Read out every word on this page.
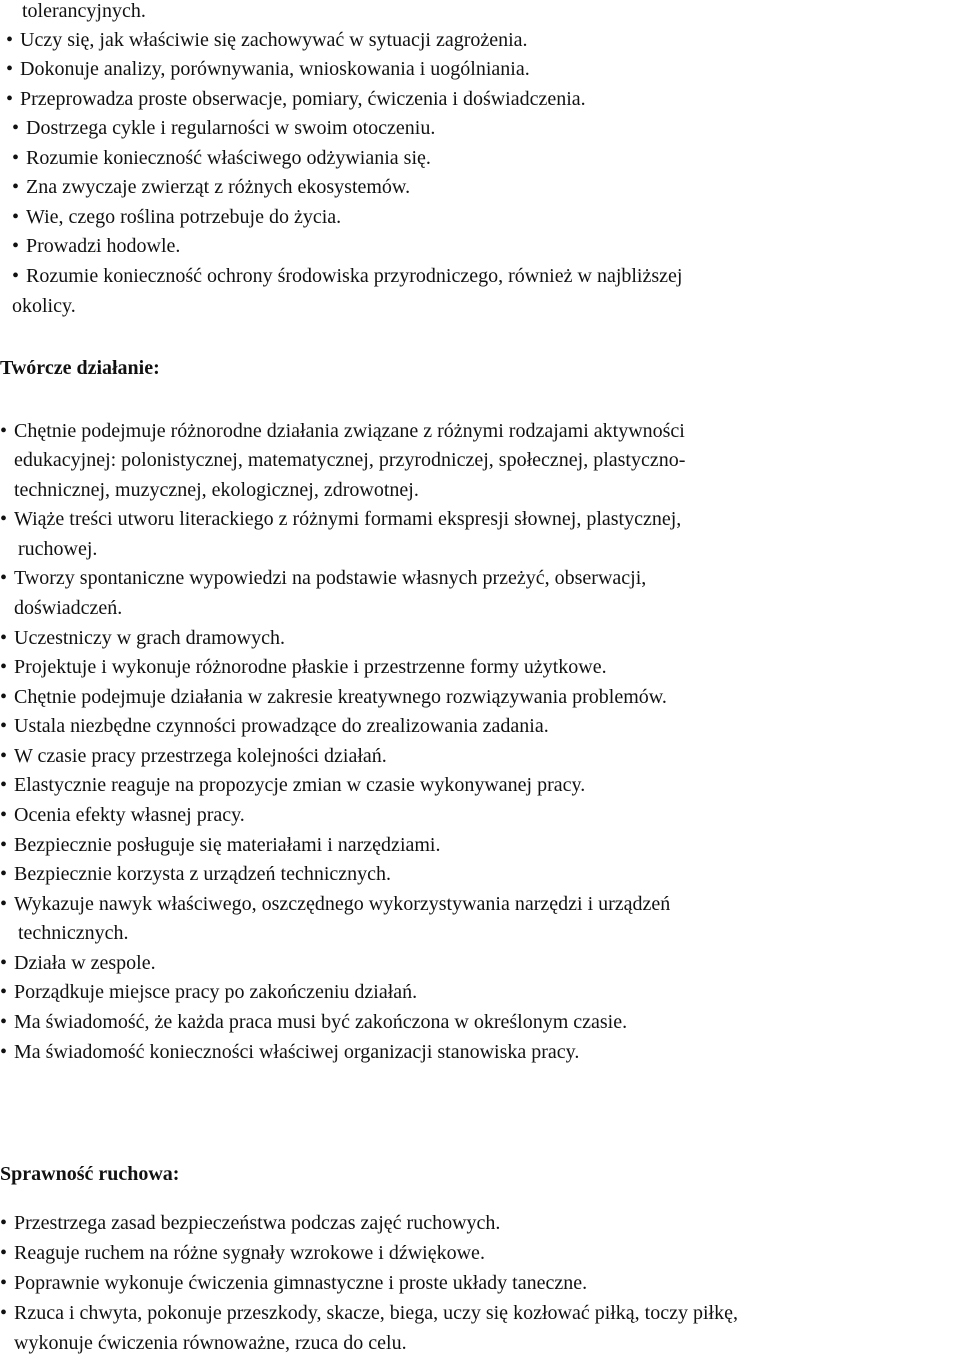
tolerancyjnych.
• Uczy się, jak właściwie się zachowywać w sytuacji zagrożenia.
• Dokonuje analizy, porównywania, wnioskowania i uogólniania.
• Przeprowadza proste obserwacje, pomiary, ćwiczenia i doświadczenia.
• Dostrzega cykle i regularności w swoim otoczeniu.
• Rozumie konieczność właściwego odżywiania się.
• Zna zwyczaje zwierząt z różnych ekosystemów.
• Wie, czego roślina potrzebuje do życia.
• Prowadzi hodowle.
• Rozumie konieczność ochrony środowiska przyrodniczego, również w najbliższej
okolicy.
Twórcze działanie:
• Chętnie podejmuje różnorodne działania związane z różnymi rodzajami aktywności
edukacyjnej: polonistycznej, matematycznej, przyrodniczej, społecznej, plastyczno-
technicznej, muzycznej, ekologicznej, zdrowotnej.
• Wiąże treści utworu literackiego z różnymi formami ekspresji słownej, plastycznej,
ruchowej.
• Tworzy spontaniczne wypowiedzi na podstawie własnych przeżyć, obserwacji,
doświadczeń.
• Uczestniczy w grach dramowych.
• Projektuje i wykonuje różnorodne płaskie i przestrzenne formy użytkowe.
• Chętnie podejmuje działania w zakresie kreatywnego rozwiązywania problemów.
• Ustala niezbędne czynności prowadzące do zrealizowania zadania.
• W czasie pracy przestrzega kolejności działań.
• Elastycznie reaguje na propozycje zmian w czasie wykonywanej pracy.
• Ocenia efekty własnej pracy.
• Bezpiecznie posługuje się materiałami i narzędziami.
• Bezpiecznie korzysta z urządzeń technicznych.
• Wykazuje nawyk właściwego, oszczędnego wykorzystywania narzędzi i urządzeń
technicznych.
• Działa w zespole.
• Porządkuje miejsce pracy po zakończeniu działań.
• Ma świadomość, że każda praca musi być zakończona w określonym czasie.
• Ma świadomość konieczności właściwej organizacji stanowiska pracy.
Sprawność ruchowa:
• Przestrzega zasad bezpieczeństwa podczas zajęć ruchowych.
• Reaguje ruchem na różne sygnały wzrokowe i dźwiękowe.
• Poprawnie wykonuje ćwiczenia gimnastyczne i proste układy taneczne.
• Rzuca i chwyta, pokonuje przeszkody, skacze, biega, uczy się kozłować piłką, toczy piłkę,
wykonuje ćwiczenia równoważne, rzuca do celu.
